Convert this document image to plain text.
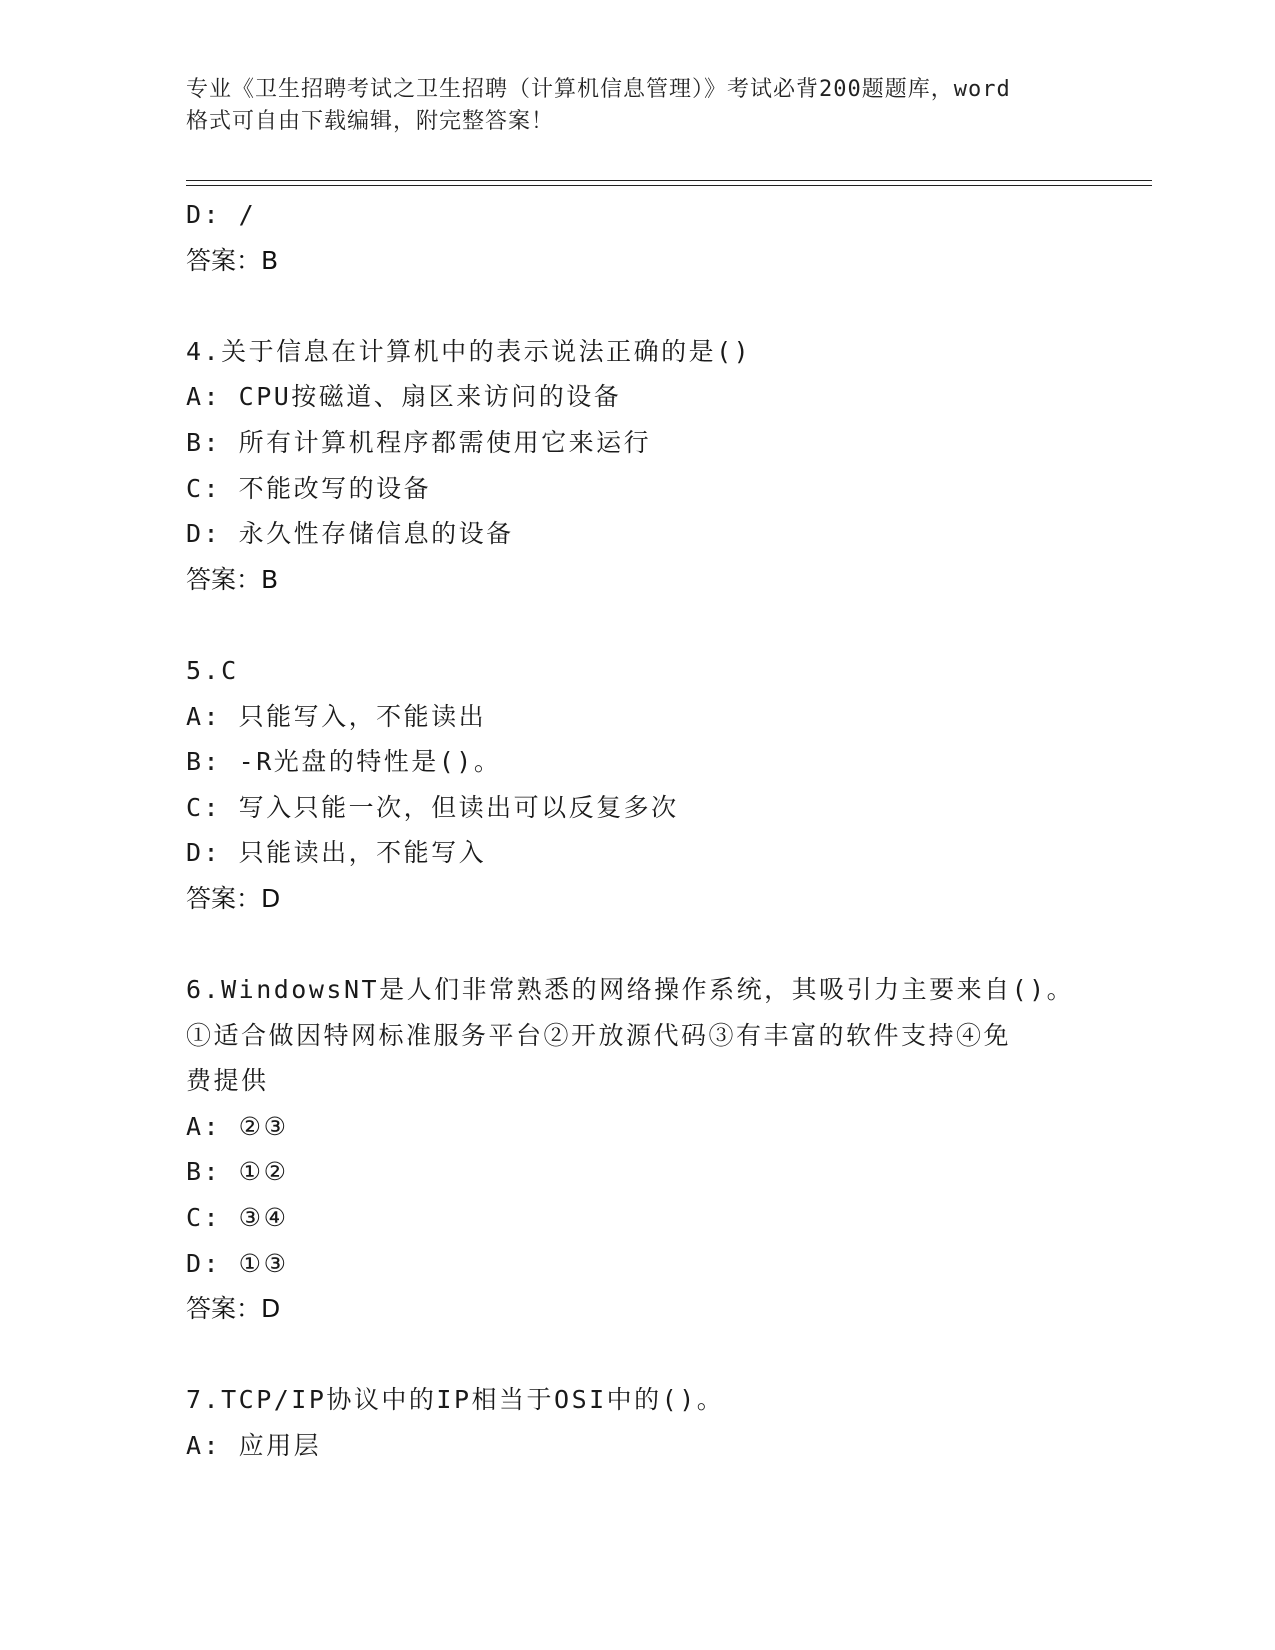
专业《卫生招聘考试之卫生招聘（计算机信息管理）》考试必背200题题库，word
格式可自由下载编辑，附完整答案！
D: /
答案：B
4.关于信息在计算机中的表示说法正确的是()
A: CPU按磁道、扇区来访问的设备
B: 所有计算机程序都需使用它来运行
C: 不能改写的设备
D: 永久性存储信息的设备
答案：B
5.C
A: 只能写入，不能读出
B: -R光盘的特性是()。
C: 写入只能一次，但读出可以反复多次
D: 只能读出，不能写入
答案：D
6.WindowsNT是人们非常熟悉的网络操作系统，其吸引力主要来自()。
①适合做因特网标准服务平台②开放源代码③有丰富的软件支持④免
费提供
A: ②③
B: ①②
C: ③④
D: ①③
答案：D
7.TCP/IP协议中的IP相当于OSI中的()。
A: 应用层
